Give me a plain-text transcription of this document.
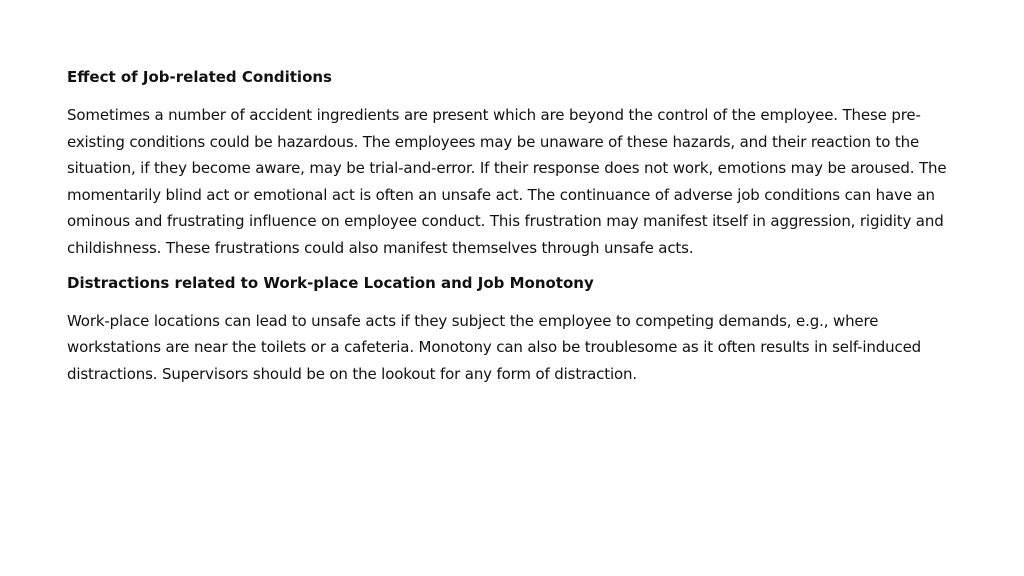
Effect of Job-related Conditions

Sometimes a number of accident ingredients are present which are beyond the control of the employee. These pre-existing conditions could be hazardous. The employees may be unaware of these hazards, and their reaction to the situation, if they become aware, may be trial-and-error. If their response does not work, emotions may be aroused. The momentarily blind act or emotional act is often an unsafe act. The continuance of adverse job conditions can have an ominous and frustrating influence on employee conduct. This frustration may manifest itself in aggression, rigidity and childishness. These frustrations could also manifest themselves through unsafe acts.

Distractions related to Work-place Location and Job Monotony

Work-place locations can lead to unsafe acts if they subject the employee to competing demands, e.g., where workstations are near the toilets or a cafeteria. Monotony can also be troublesome as it often results in self-induced distractions. Supervisors should be on the lookout for any form of distraction.
